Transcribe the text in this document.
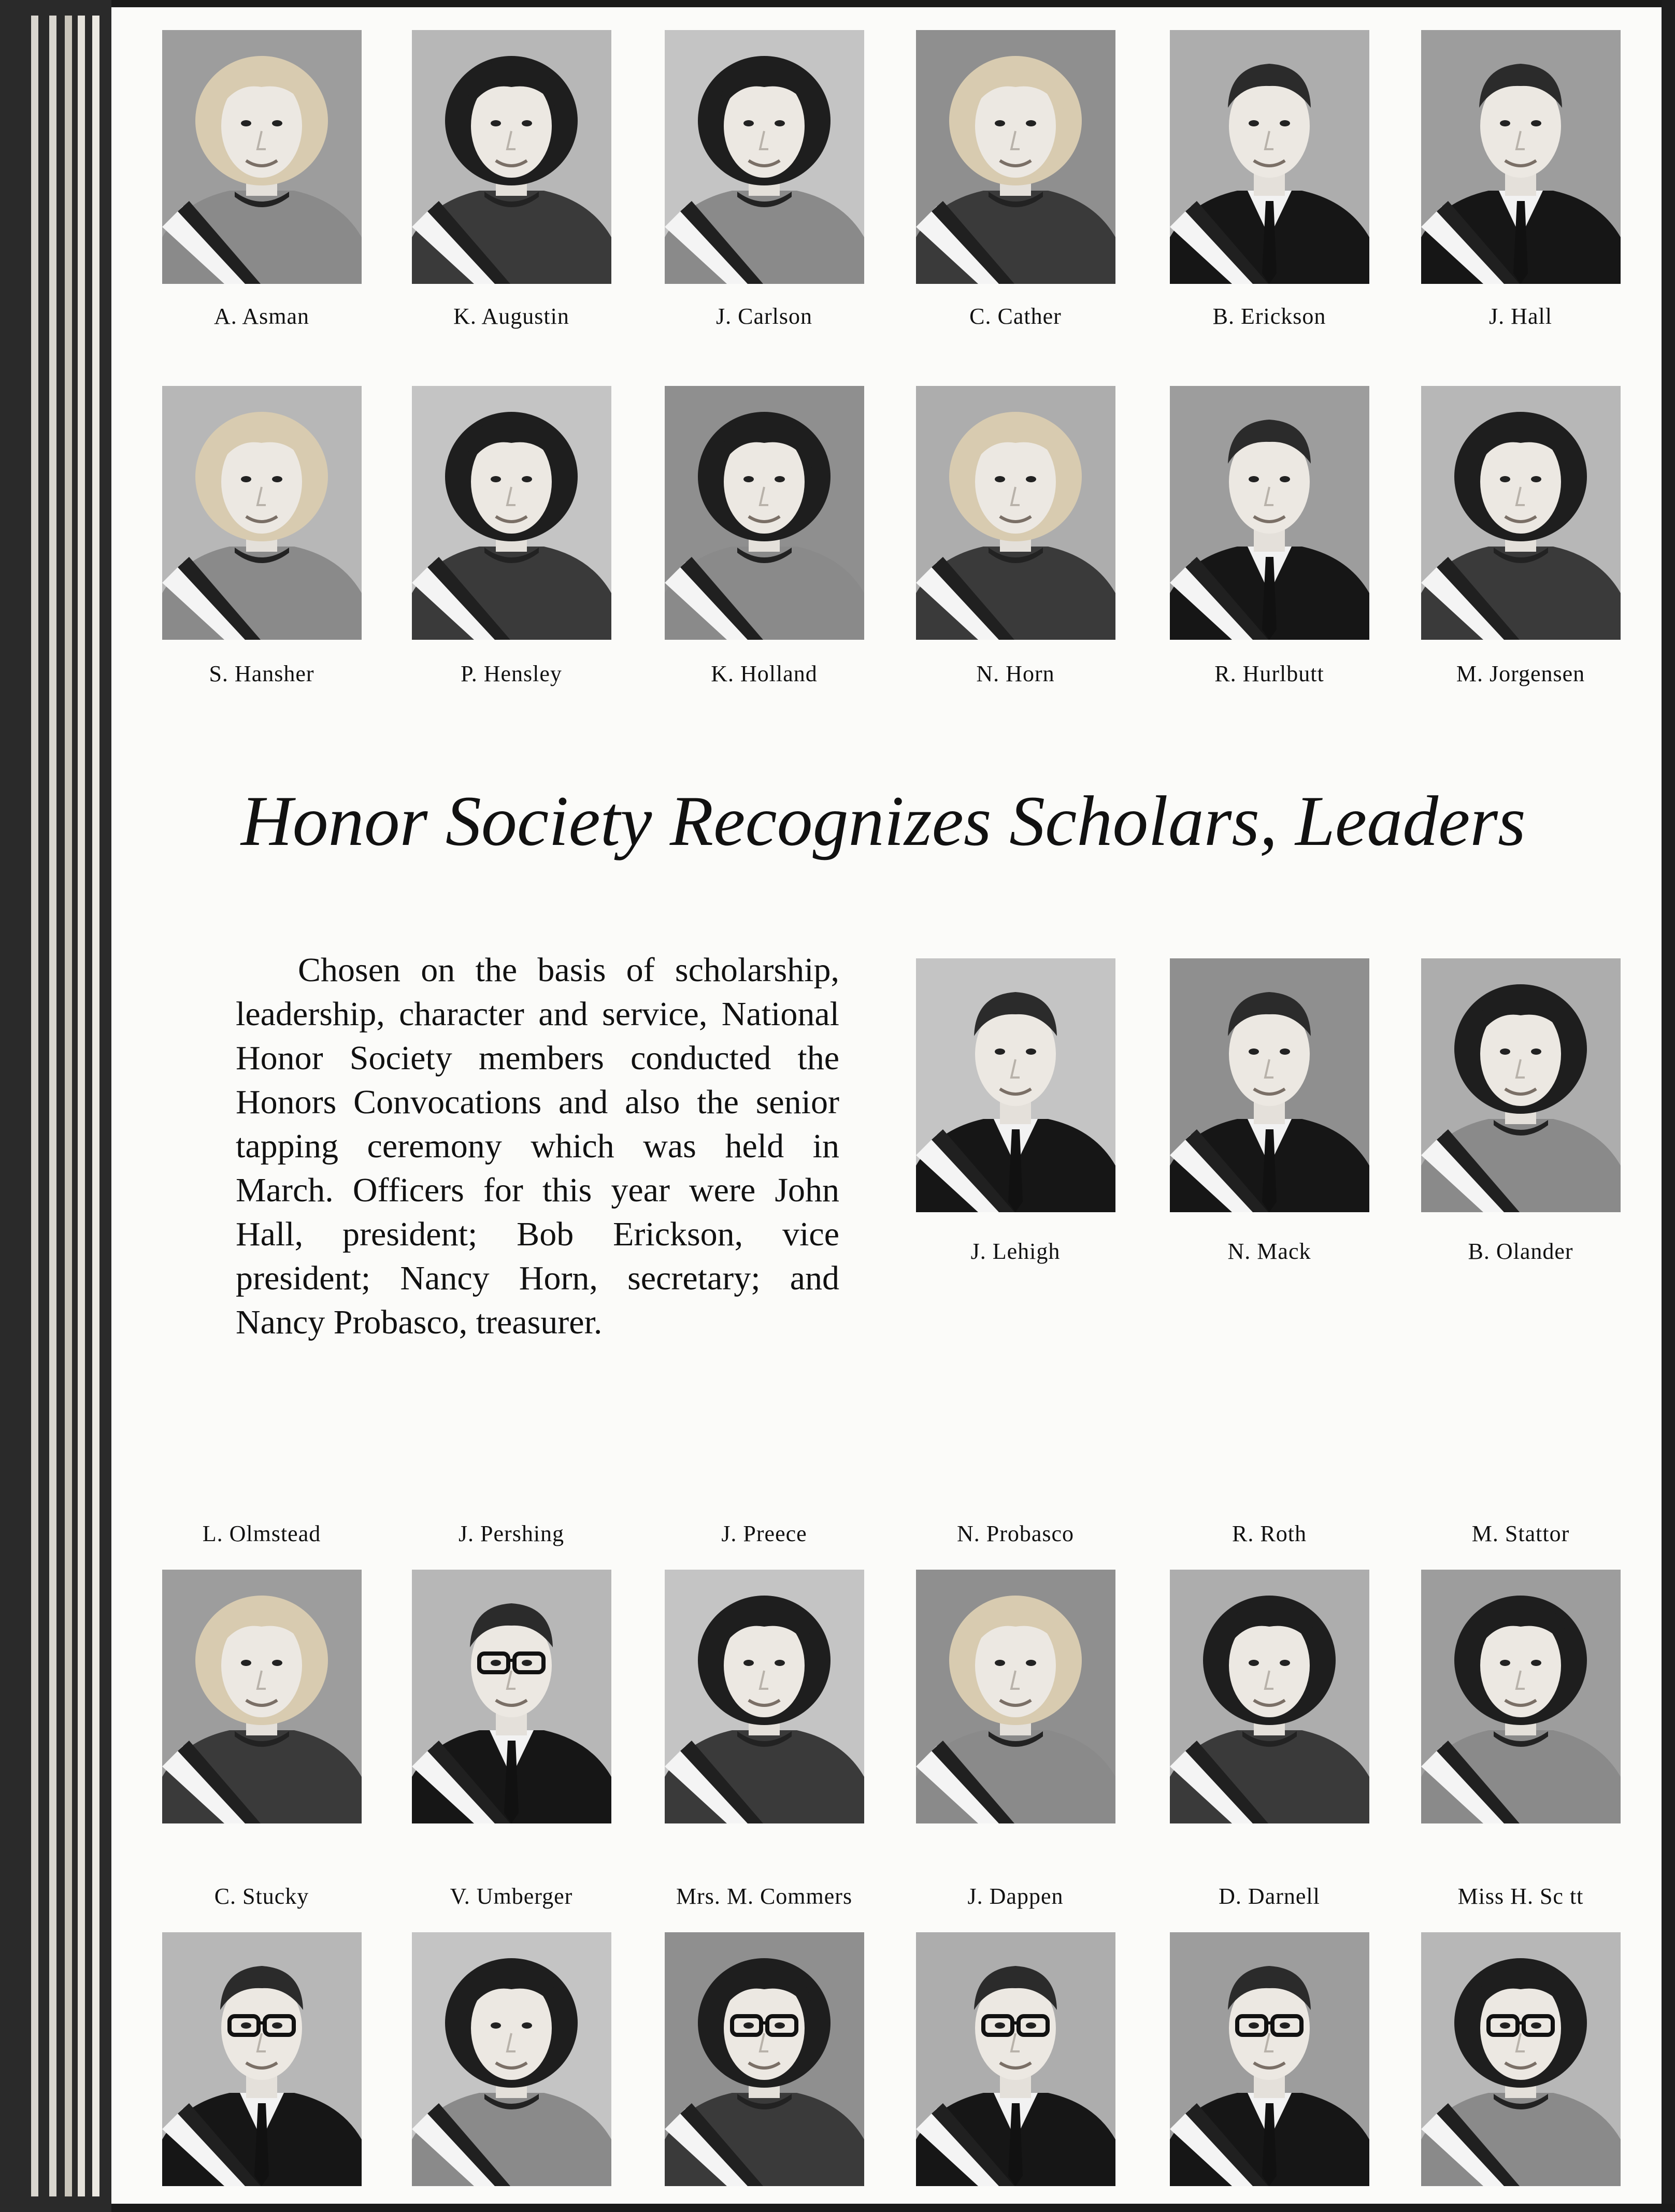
A. Asman	K. Augustin	J. Carlson	C. Cather	B. Erickson	J. Hall
S. Hansher	P. Hensley	K. Holland	N. Horn	R. Hurlbutt	M. Jorgensen
J. Lehigh	N. Mack	B. Olander
L. Olmstead	J. Pershing	J. Preece	N. Probasco	R. Roth	M. Stattor
C. Stucky	V. Umberger	Mrs. M. Commers	J. Dappen	D. Darnell	Miss H. Sc tt
Honor Society Recognizes Scholars, Leaders

Chosen on the basis of scholarship, leadership, character and service, National Honor Society members conducted the Honors Convocations and also the senior tapping ceremony which was held in March. Officers for this year were John Hall, president; Bob Erickson, vice president; Nancy Horn, secretary; and Nancy Probasco, treasurer.
